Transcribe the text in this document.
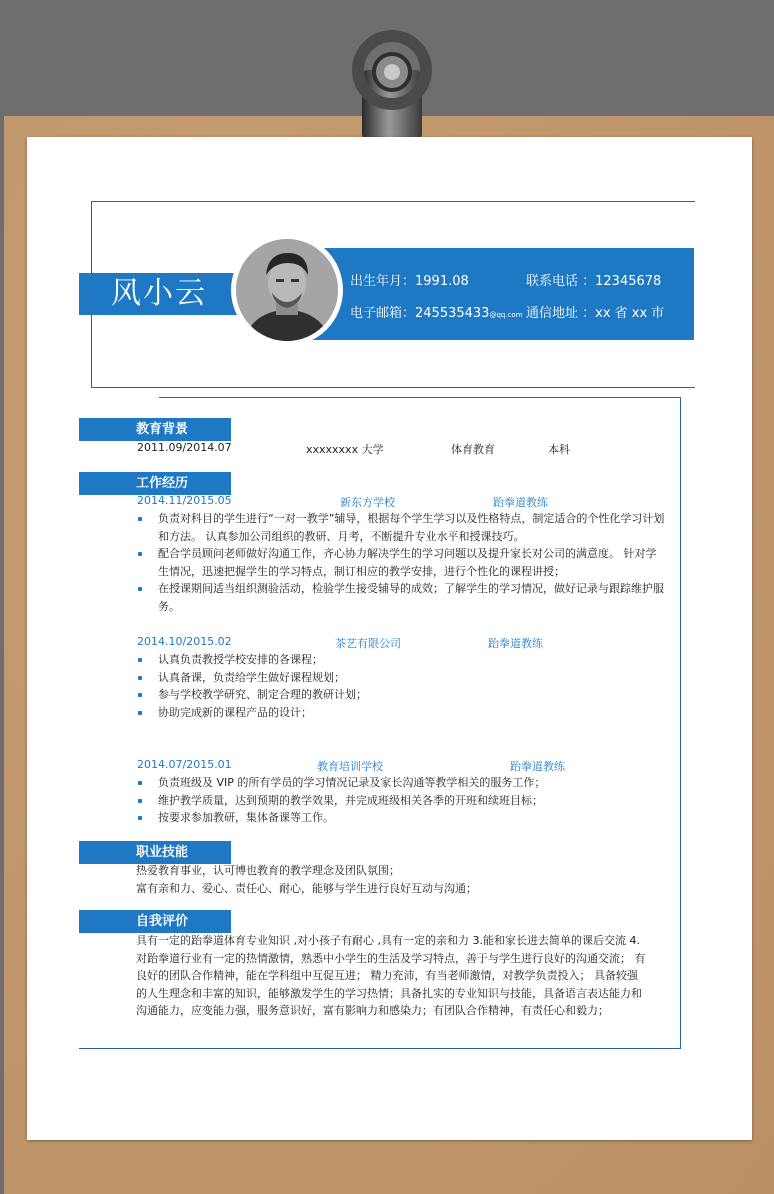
风小云	出生年月：1991.08	联系电话 ：12345678
电子邮箱：245535433@qq.com 通信地址 ：xx 省 xx 市
教育背景
2011.09/2014.07	xxxxxxxx 大学	体育教育	本科
工作经历
2014.11/2015.05	新东方学校	跆拳道教练
负责对科目的学生进行“一对一教学”辅导，根据每个学生学习以及性格特点，制定适合的个性化学习计划和方法。 认真参加公司组织的教研、月考，不断提升专业水平和授课技巧。
配合学员顾问老师做好沟通工作，齐心协力解决学生的学习问题以及提升家长对公司的满意度。 针对学生情况，迅速把握学生的学习特点，制订相应的教学安排，进行个性化的课程讲授；
在授课期间适当组织测验活动，检验学生接受辅导的成效；了解学生的学习情况，做好记录与跟踪维护服务。
2014.10/2015.02	茶艺有限公司	跆拳道教练
认真负责教授学校安排的各课程；
认真备课，负责给学生做好课程规划；
参与学校教学研究、制定合理的教研计划；
协助完成新的课程产品的设计；
2014.07/2015.01	教育培训学校	跆拳道教练
负责班级及 VIP 的所有学员的学习情况记录及家长沟通等教学相关的服务工作；
维护教学质量，达到预期的教学效果，并完成班级相关各季的开班和续班目标；
按要求参加教研，集体备课等工作。
职业技能
热爱教育事业，认可博也教育的教学理念及团队氛围；
富有亲和力、爱心、责任心、耐心，能够与学生进行良好互动与沟通；
自我评价
具有一定的跆拳道体育专业知识 ,对小孩子有耐心 ,具有一定的亲和力 3.能和家长进去简单的课后交流 4.
对跆拳道行业有一定的热情激情，熟悉中小学生的生活及学习特点，善于与学生进行良好的沟通交流； 有
良好的团队合作精神，能在学科组中互促互进； 精力充沛，有当老师激情，对教学负责投入； 具备较强
的人生理念和丰富的知识，能够激发学生的学习热情；具备扎实的专业知识与技能，具备语言表达能力和
沟通能力，应变能力强，服务意识好，富有影响力和感染力；有团队合作精神，有责任心和毅力；
